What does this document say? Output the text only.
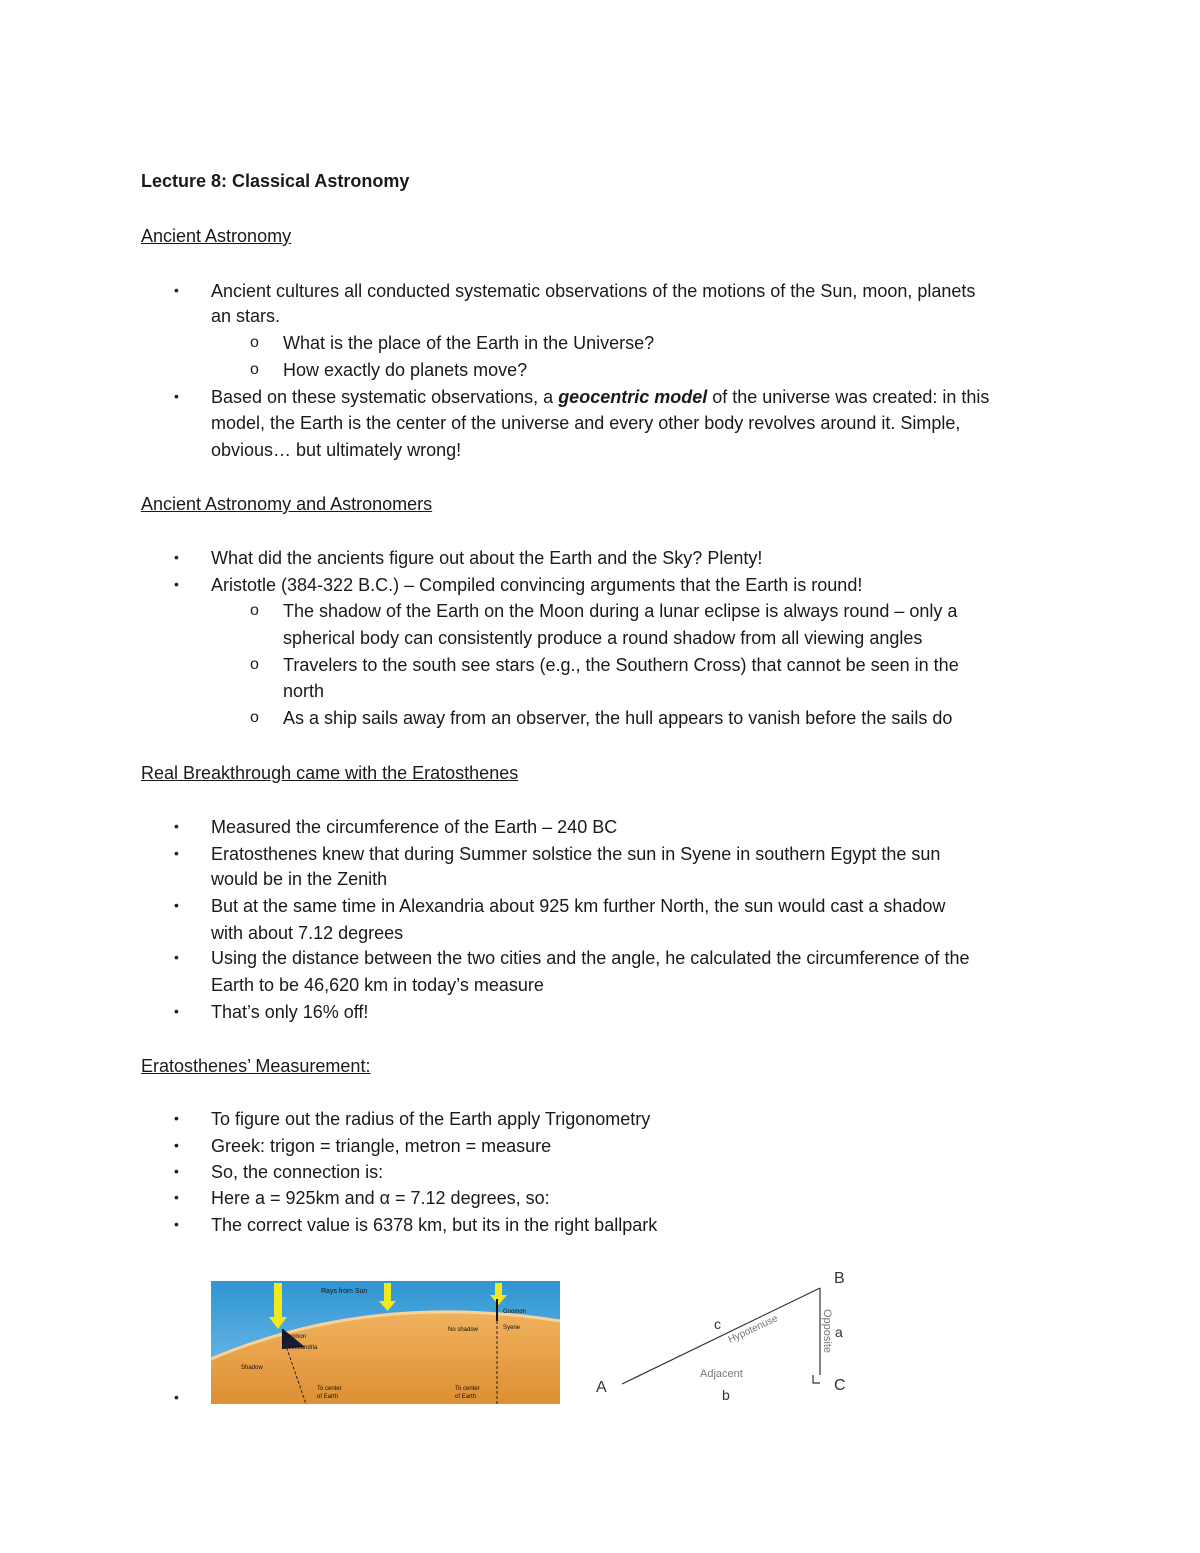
Lecture 8: Classical Astronomy
Ancient Astronomy
• Ancient cultures all conducted systematic observations of the motions of the Sun, moon, planets
an stars.
o What is the place of the Earth in the Universe?
o How exactly do planets move?
• Based on these systematic observations, a geocentric model of the universe was created: in this
model, the Earth is the center of the universe and every other body revolves around it. Simple,
obvious… but ultimately wrong!
Ancient Astronomy and Astronomers
• What did the ancients figure out about the Earth and the Sky? Plenty!
• Aristotle (384-322 B.C.) – Compiled convincing arguments that the Earth is round!
o The shadow of the Earth on the Moon during a lunar eclipse is always round – only a
spherical body can consistently produce a round shadow from all viewing angles
o Travelers to the south see stars (e.g., the Southern Cross) that cannot be seen in the
north
o As a ship sails away from an observer, the hull appears to vanish before the sails do
Real Breakthrough came with the Eratosthenes
• Measured the circumference of the Earth – 240 BC
• Eratosthenes knew that during Summer solstice the sun in Syene in southern Egypt the sun
would be in the Zenith
• But at the same time in Alexandria about 925 km further North, the sun would cast a shadow
with about 7.12 degrees
• Using the distance between the two cities and the angle, he calculated the circumference of the
Earth to be 46,620 km in today’s measure
• That’s only 16% off!
Eratosthenes’ Measurement:
• To figure out the radius of the Earth apply Trigonometry
• Greek: trigon = triangle, metron = measure
• So, the connection is:
• Here a = 925km and α = 7.12 degrees, so:
• The correct value is 6378 km, but its in the right ballpark
Rays from Sun
Gnomon
Alexandria
Shadow
No shadow
Gnomon
Syene
To center
of Earth
To center
of Earth
A
B
C
c	a
b
Hypotenuse
Adjacent
Opposite
•
